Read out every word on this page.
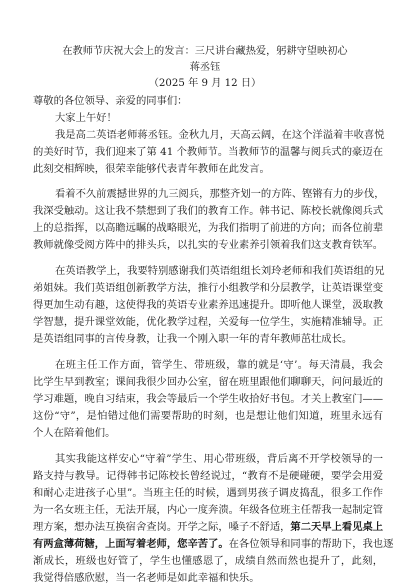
在教师节庆祝大会上的发言：三尺讲台藏热爱，躬耕守望映初心
蒋丞钰
（2025 年 9 月 12 日）
尊敬的各位领导、亲爱的同事们：
大家上午好！
我是高二英语老师蒋丞钰。金秋九月，天高云阔，在这个洋溢着丰收喜悦
的美好时节，我们迎来了第 41 个教师节。当教师节的温馨与阅兵式的豪迈在
此刻交相辉映，很荣幸能够代表青年教师在此发言。
看着不久前震撼世界的九三阅兵，那整齐划一的方阵、铿锵有力的步伐，
我深受触动。这让我不禁想到了我们的教育工作。韩书记、陈校长就像阅兵式
上的总指挥，以高瞻远瞩的战略眼光，为我们指明了前进的方向；而各位前辈
教师就像受阅方阵中的排头兵，以扎实的专业素养引领着我们这支教育铁军。
在英语教学上，我要特别感谢我们英语组组长刘玲老师和我们英语组的兄
弟姐妹。我们英语组创新教学方法，推行小组教学和分层教学，让英语课堂变
得更加生动有趣，这使得我的英语专业素养迅速提升。即听他人课堂，汲取教
学智慧，提升课堂效能，优化教学过程，关爱每一位学生，实施精准辅导。正
是英语组同事的言传身教，让我一个刚入职一年的青年教师茁壮成长。
在班主任工作方面，管学生、带班级，靠的就是‘守’。每天清晨，我会
比学生早到教室；课间我很少回办公室，留在班里跟他们聊聊天，问问最近的
学习难题，晚自习结束，我会等最后一个学生收拾好书包。才关上教室门——
这份“守”，是怕错过他们需要帮助的时刻，也是想让他们知道，班里永远有
个人在陪着他们。
其实我能这样安心“守着”学生、用心带班级，背后离不开学校领导的一
路支持与教导。记得韩书记陈校长曾经说过，“教育不是硬碰硬，要学会用爱
和耐心走进孩子心里”。当班主任的时候，遇到男孩子调皮捣乱，很多工作作
为一名女班主任，无法开展，内心一度奔溃。年级各位班主任帮我一起制定管
理方案，想办法互换宿舍查岗。开学之际，嗓子不舒适，第二天早上看见桌上
有两盒薄荷糖，上面写着老师，您辛苦了。在各位领导和同事的帮助下，我也逐
渐成长，班级也好管了，学生也懂感恩了，成绩自然而然也提升了，此刻，
我觉得倍感欣慰，当一名老师是如此幸福和快乐。
